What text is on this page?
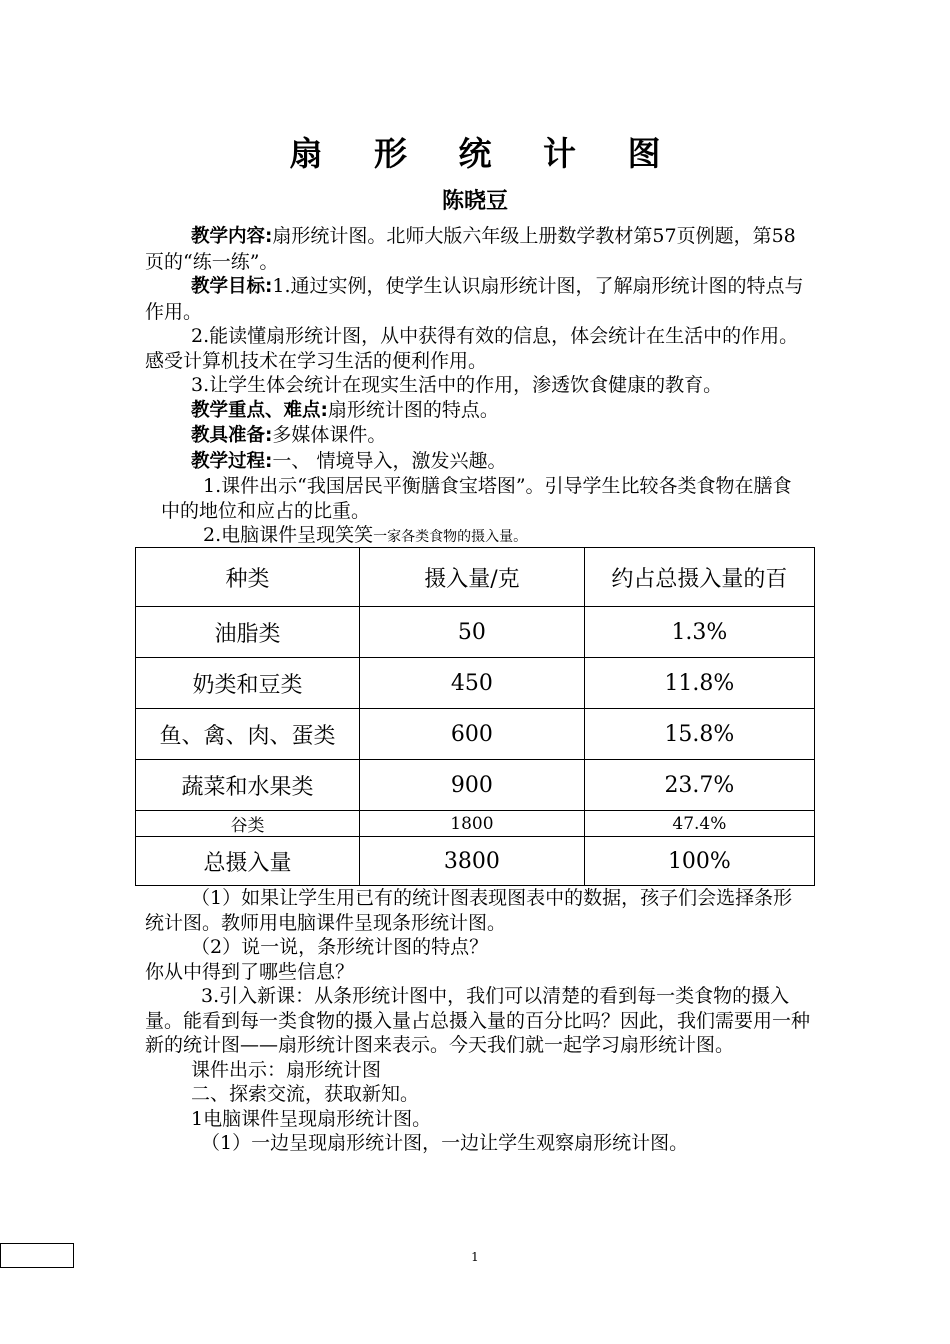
扇 形 统 计 图
陈晓豆

教学内容:扇形统计图。北师大版六年级上册数学教材第57页例题，第58页的“练一练”。

教学目标:1.通过实例，使学生认识扇形统计图，了解扇形统计图的特点与作用。

2.能读懂扇形统计图，从中获得有效的信息，体会统计在生活中的作用。感受计算机技术在学习生活的便利作用。

3.让学生体会统计在现实生活中的作用，渗透饮食健康的教育。

教学重点、难点:扇形统计图的特点。

教具准备:多媒体课件。

教学过程:一、 情境导入，激发兴趣。

1.课件出示“我国居民平衡膳食宝塔图”。引导学生比较各类食物在膳食中的地位和应占的比重。

2.电脑课件呈现笑笑一家各类食物的摄入量。

种类	摄入量/克	约占总摄入量的百
油脂类	50	1.3%
奶类和豆类	450	11.8%
鱼、禽、肉、蛋类	600	15.8%
蔬菜和水果类	900	23.7%
谷类	1800	47.4%
总摄入量	3800	100%

（1）如果让学生用已有的统计图表现图表中的数据，孩子们会选择条形统计图。教师用电脑课件呈现条形统计图。

（2）说一说，条形统计图的特点？

你从中得到了哪些信息？

3.引入新课：从条形统计图中，我们可以清楚的看到每一类食物的摄入量。能看到每一类食物的摄入量占总摄入量的百分比吗？因此，我们需要用一种新的统计图——扇形统计图来表示。今天我们就一起学习扇形统计图。

课件出示：扇形统计图

二、探索交流，获取新知。

1电脑课件呈现扇形统计图。

（1）一边呈现扇形统计图，一边让学生观察扇形统计图。

1
